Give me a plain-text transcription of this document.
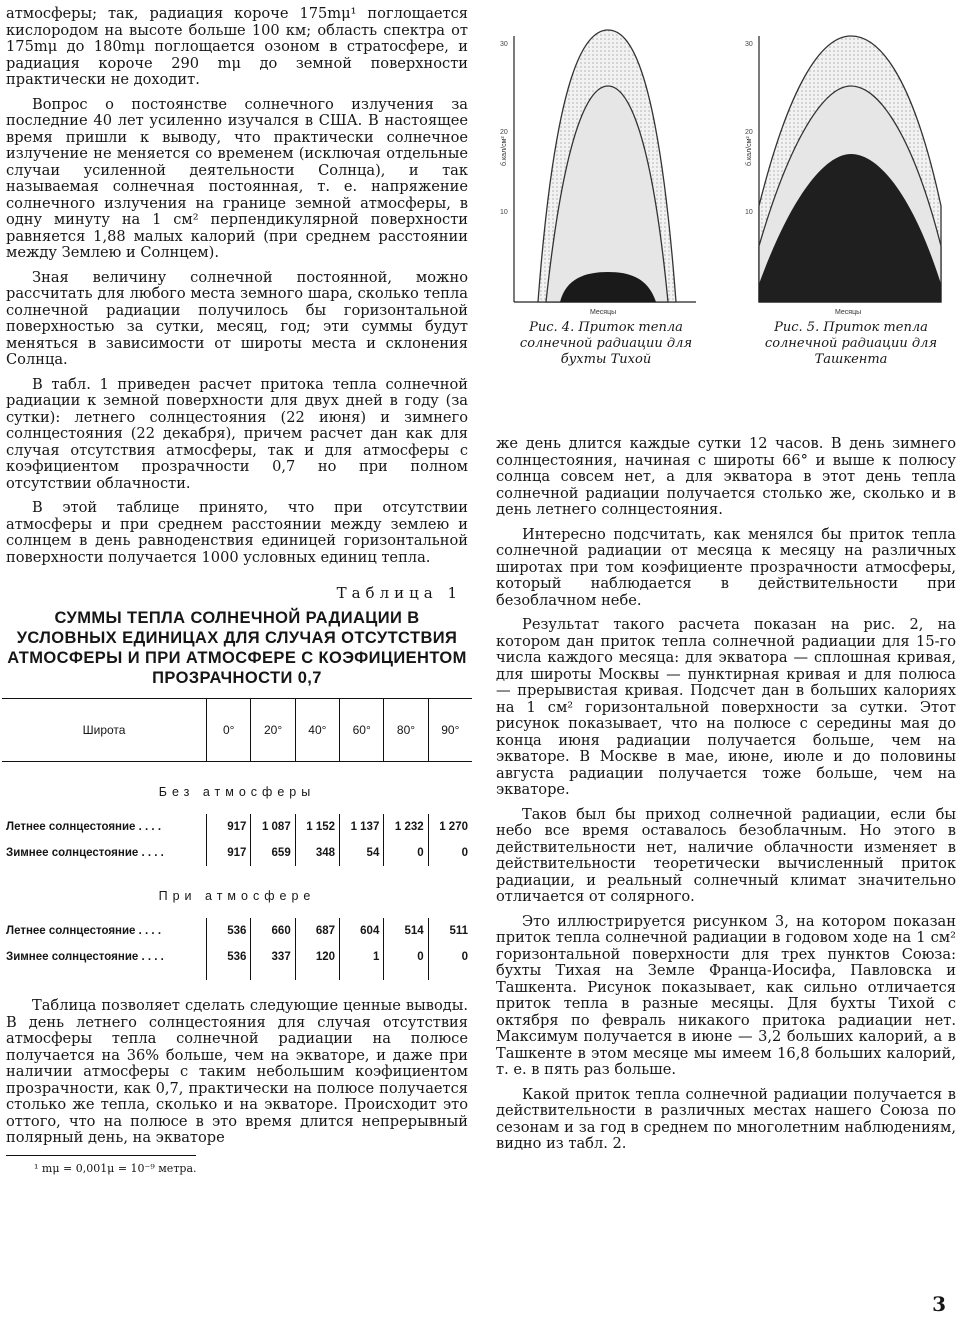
атмосферы; так, радиация короче 175mμ¹ поглощается кислородом на высоте больше 100 км; область спектра от 175mμ до 180mμ поглощается озоном в стратосфере, и радиация короче 290 mμ до земной поверхности практически не доходит.

Вопрос о постоянстве солнечного излучения за последние 40 лет усиленно изучался в США. В настоящее время пришли к выводу, что практически солнечное излучение не меняется со временем (исключая отдельные случаи усиленной деятельности Солнца), и так называемая солнечная постоянная, т. е. напряжение солнечного излучения на границе земной атмосферы, в одну минуту на 1 см² перпендикулярной поверхности равняется 1,88 малых калорий (при среднем расстоянии между Землею и Солнцем).

Зная величину солнечной постоянной, можно рассчитать для любого места земного шара, сколько тепла солнечной радиации получилось бы горизонтальной поверхностью за сутки, месяц, год; эти суммы будут меняться в зависимости от широты места и склонения Солнца.

В табл. 1 приведен расчет притока тепла солнечной радиации к земной поверхности для двух дней в году (за сутки): летнего солнцестояния (22 июня) и зимнего солнцестояния (22 декабря), причем расчет дан как для случая отсутствия атмосферы, так и для атмосферы с коэфициентом прозрачности 0,7 но при полном отсутствии облачности.

В этой таблице принято, что при отсутствии атмосферы и при среднем расстоянии между землею и солнцем в день равноденствия единицей горизонтальной поверхности получается 1000 условных единиц тепла.

Таблица 1
СУММЫ ТЕПЛА СОЛНЕЧНОЙ РАДИАЦИИ В УСЛОВНЫХ ЕДИНИЦАХ ДЛЯ СЛУЧАЯ ОТСУТСТВИЯ АТМОСФЕРЫ И ПРИ АТМОСФЕРЕ С КОЭФИЦИЕНТОМ ПРОЗРАЧНОСТИ 0,7
Широта	0°	20°	40°	60°	80°	90°
Без атмосферы						
Летнее солнцестояние . . . .	917	1 087	1 152	1 137	1 232	1 270
Зимнее солнцестояние . . . .	917	659	348	54	0	0
При атмосфере						
Летнее солнцестояние . . . .	536	660	687	604	514	511
Зимнее солнцестояние . . . .	536	337	120	1	0	0

Таблица позволяет сделать следующие ценные выводы. В день летнего солнцестояния для случая отсутствия атмосферы тепла солнечной радиации на полюсе получается на 36% больше, чем на экваторе, и даже при наличии атмосферы с таким небольшим коэфициентом прозрачности, как 0,7, практически на полюсе получается столько же тепла, сколько и на экваторе. Происходит это оттого, что на полюсе в это время длится непрерывный полярный день, на экваторе

¹ mμ = 0,001μ = 10⁻⁹ метра.
30
20
10
б.кал/см²
Месяцы
Рис. 4. Приток тепла солнечной радиации для бухты Тихой
30
20
10
б.кал/см²
Месяцы
Рис. 5. Приток тепла солнечной радиации для Ташкента

же день длится каждые сутки 12 часов. В день зимнего солнцестояния, начиная с широты 66° и выше к полюсу солнца совсем нет, а для экватора в этот день тепла солнечной радиации получается столько же, сколько и в день летнего солнцестояния.

Интересно подсчитать, как менялся бы приток тепла солнечной радиации от месяца к месяцу на различных широтах при том коэфициенте прозрачности атмосферы, который наблюдается в действительности при безоблачном небе.

Результат такого расчета показан на рис. 2, на котором дан приток тепла солнечной радиации для 15-го числа каждого месяца: для экватора — сплошная кривая, для широты Москвы — пунктирная кривая и для полюса — прерывистая кривая. Подсчет дан в больших калориях на 1 см² горизонтальной поверхности за сутки. Этот рисунок показывает, что на полюсе с середины мая до конца июня радиации получается больше, чем на экваторе. В Москве в мае, июне, июле и до половины августа радиации получается тоже больше, чем на экваторе.

Таков был бы приход солнечной радиации, если бы небо все время оставалось безоблачным. Но этого в действительности нет, наличие облачности изменяет в действительности теоретически вычисленный приток радиации, и реальный солнечный климат значительно отличается от солярного.

Это иллюстрируется рисунком 3, на котором показан приток тепла солнечной радиации в годовом ходе на 1 см² горизонтальной поверхности для трех пунктов Союза: бухты Тихая на Земле Франца-Иосифа, Павловска и Ташкента. Рисунок показывает, как сильно отличается приток тепла в разные месяцы. Для бухты Тихой с октября по февраль никакого притока радиации нет. Максимум получается в июне — 3,2 больших калорий, а в Ташкенте в этом месяце мы имеем 16,8 больших калорий, т. е. в пять раз больше.

Какой приток тепла солнечной радиации получается в действительности в различных местах нашего Союза по сезонам и за год в среднем по многолетним наблюдениям, видно из табл. 2.

3
